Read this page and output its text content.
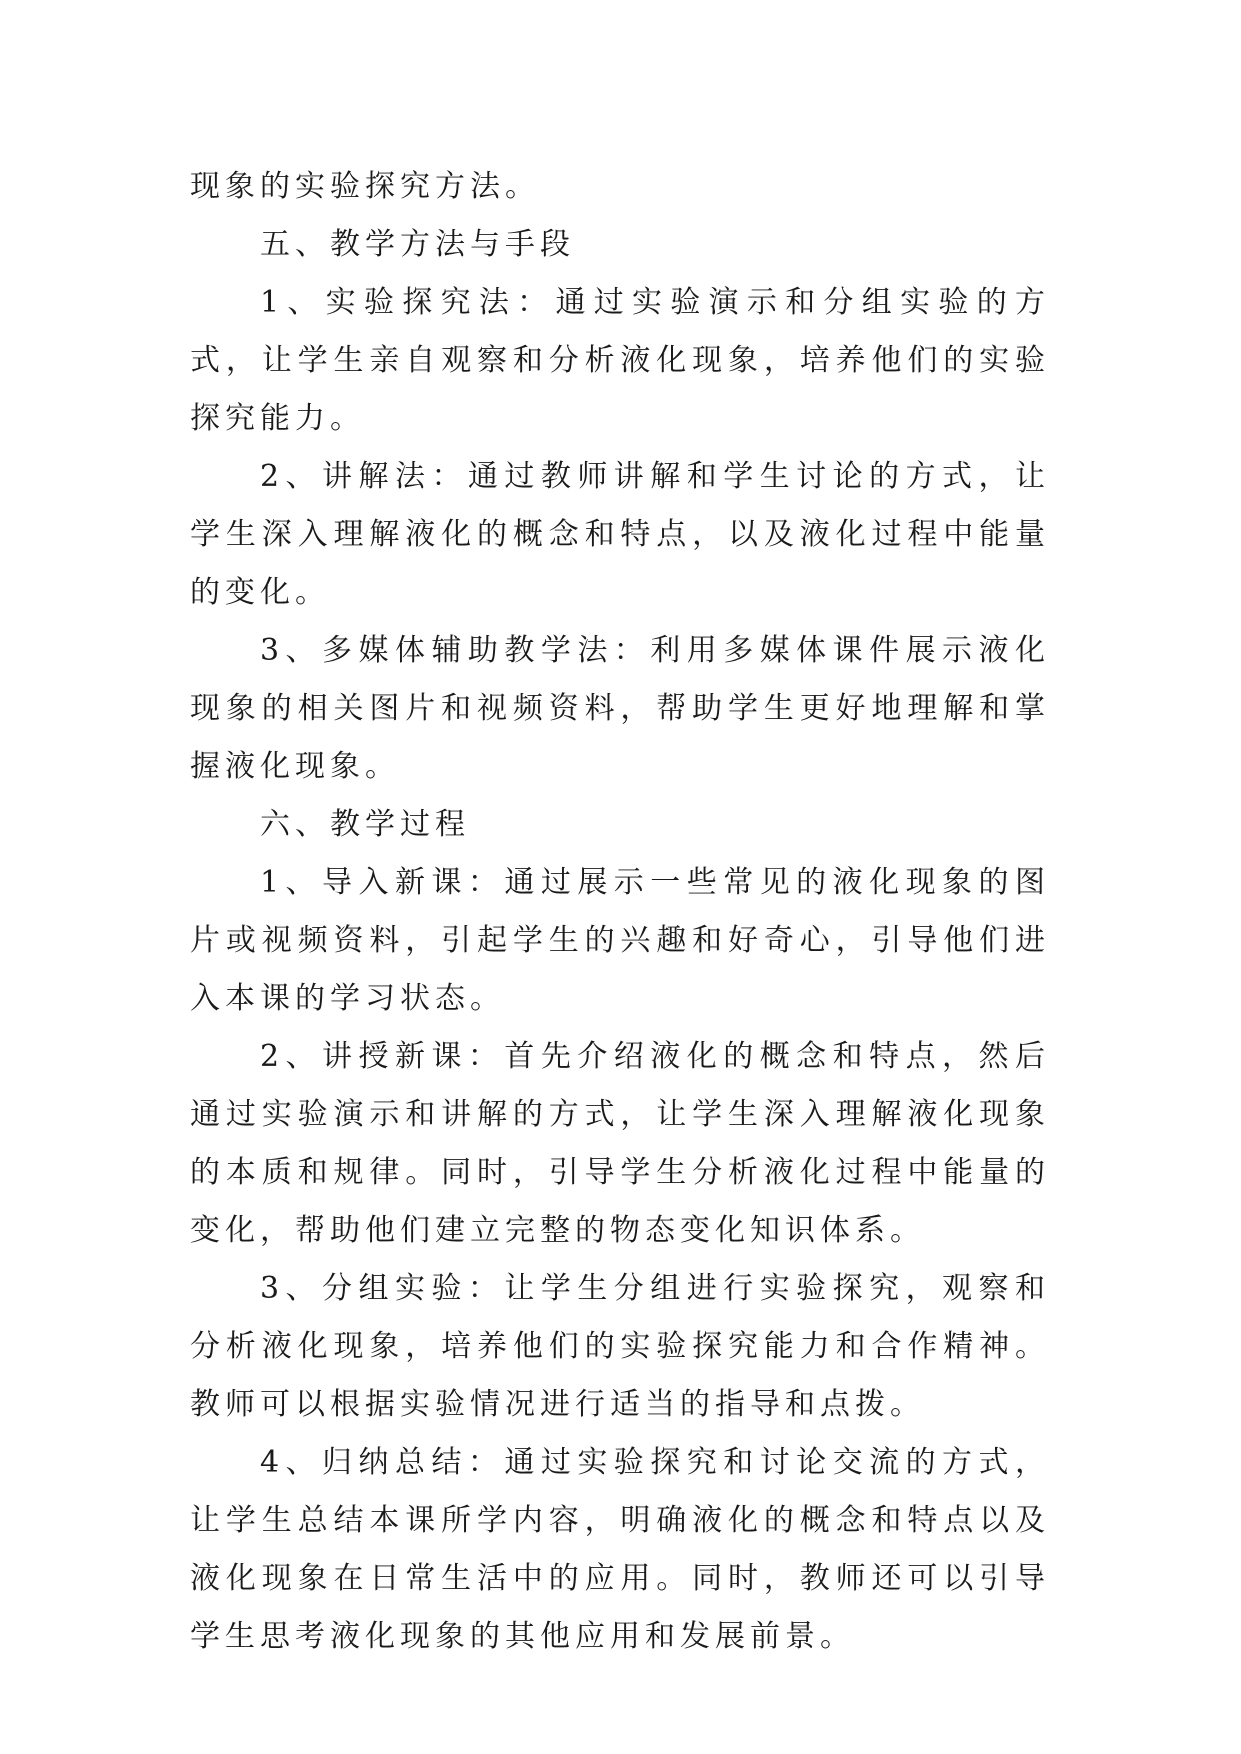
现象的实验探究方法。

五、教学方法与手段

1、实验探究法：通过实验演示和分组实验的方式，让学生亲自观察和分析液化现象，培养他们的实验探究能力。

2、讲解法：通过教师讲解和学生讨论的方式，让学生深入理解液化的概念和特点，以及液化过程中能量的变化。

3、多媒体辅助教学法：利用多媒体课件展示液化现象的相关图片和视频资料，帮助学生更好地理解和掌握液化现象。

六、教学过程

1、导入新课：通过展示一些常见的液化现象的图片或视频资料，引起学生的兴趣和好奇心，引导他们进入本课的学习状态。

2、讲授新课：首先介绍液化的概念和特点，然后通过实验演示和讲解的方式，让学生深入理解液化现象的本质和规律。同时，引导学生分析液化过程中能量的变化，帮助他们建立完整的物态变化知识体系。

3、分组实验：让学生分组进行实验探究，观察和分析液化现象，培养他们的实验探究能力和合作精神。教师可以根据实验情况进行适当的指导和点拨。

4、归纳总结：通过实验探究和讨论交流的方式，让学生总结本课所学内容，明确液化的概念和特点以及液化现象在日常生活中的应用。同时，教师还可以引导学生思考液化现象的其他应用和发展前景。
